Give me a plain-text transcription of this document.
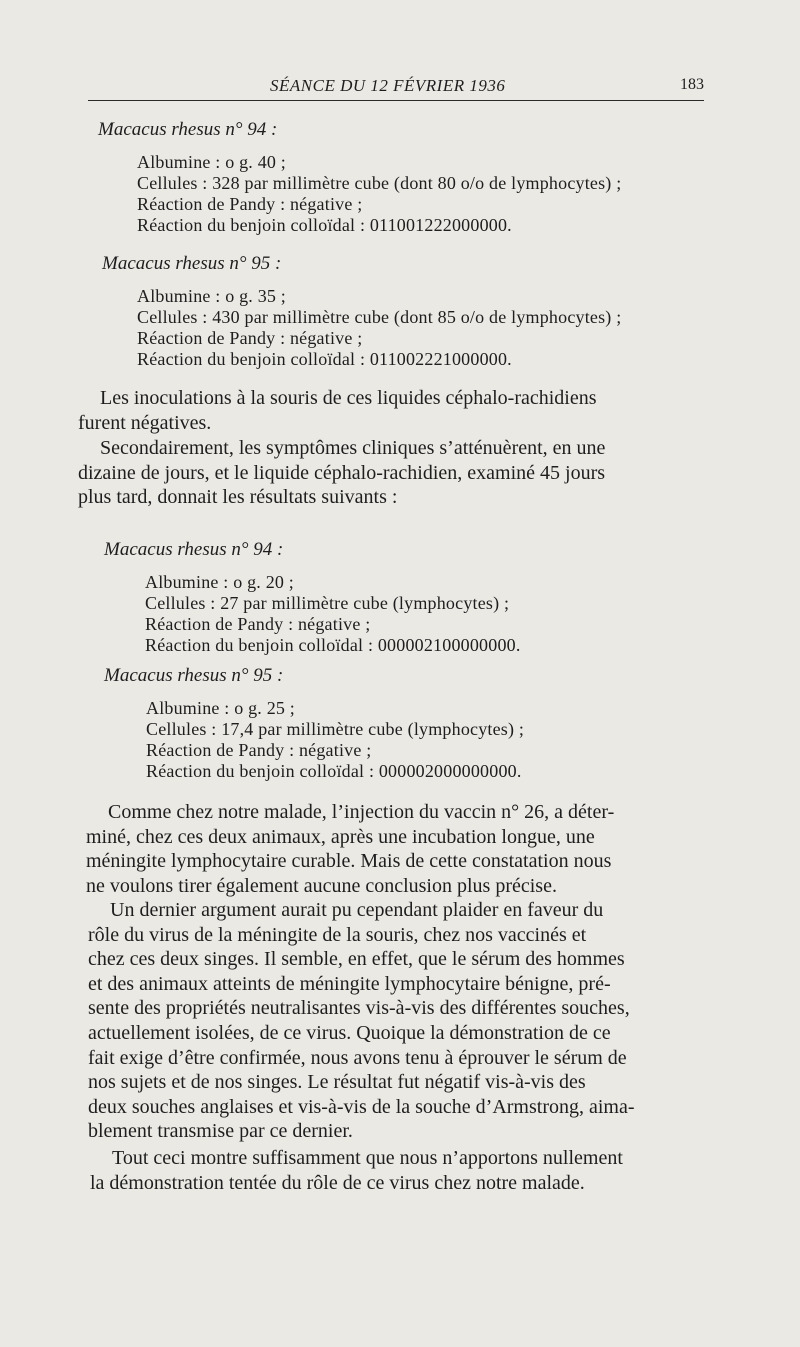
SÉANCE DU 12 FÉVRIER 1936	183

Macacus rhesus n° 94 :

Albumine : o g. 40 ;
Cellules : 328 par millimètre cube (dont 80 o/o de lymphocytes) ;
Réaction de Pandy : négative ;
Réaction du benjoin colloïdal : 011001222000000.

Macacus rhesus n° 95 :

Albumine : o g. 35 ;
Cellules : 430 par millimètre cube (dont 85 o/o de lymphocytes) ;
Réaction de Pandy : négative ;
Réaction du benjoin colloïdal : 011002221000000.

Les inoculations à la souris de ces liquides céphalo-rachidiens

furent négatives.

Secondairement, les symptômes cliniques s’atténuèrent, en une

dizaine de jours, et le liquide céphalo-rachidien, examiné 45 jours

plus tard, donnait les résultats suivants :

Macacus rhesus n° 94 :

Albumine : o g. 20 ;
Cellules : 27 par millimètre cube (lymphocytes) ;
Réaction de Pandy : négative ;
Réaction du benjoin colloïdal : 000002100000000.

Macacus rhesus n° 95 :

Albumine : o g. 25 ;
Cellules : 17,4 par millimètre cube (lymphocytes) ;
Réaction de Pandy : négative ;
Réaction du benjoin colloïdal : 000002000000000.

Comme chez notre malade, l’injection du vaccin n° 26, a déter-

miné, chez ces deux animaux, après une incubation longue, une

méningite lymphocytaire curable. Mais de cette constatation nous

ne voulons tirer également aucune conclusion plus précise.

Un dernier argument aurait pu cependant plaider en faveur du

rôle du virus de la méningite de la souris, chez nos vaccinés et

chez ces deux singes. Il semble, en effet, que le sérum des hommes

et des animaux atteints de méningite lymphocytaire bénigne, pré-

sente des propriétés neutralisantes vis-à-vis des différentes souches,

actuellement isolées, de ce virus. Quoique la démonstration de ce

fait exige d’être confirmée, nous avons tenu à éprouver le sérum de

nos sujets et de nos singes. Le résultat fut négatif vis-à-vis des

deux souches anglaises et vis-à-vis de la souche d’Armstrong, aima-

blement transmise par ce dernier.

Tout ceci montre suffisamment que nous n’apportons nullement

la démonstration tentée du rôle de ce virus chez notre malade.
